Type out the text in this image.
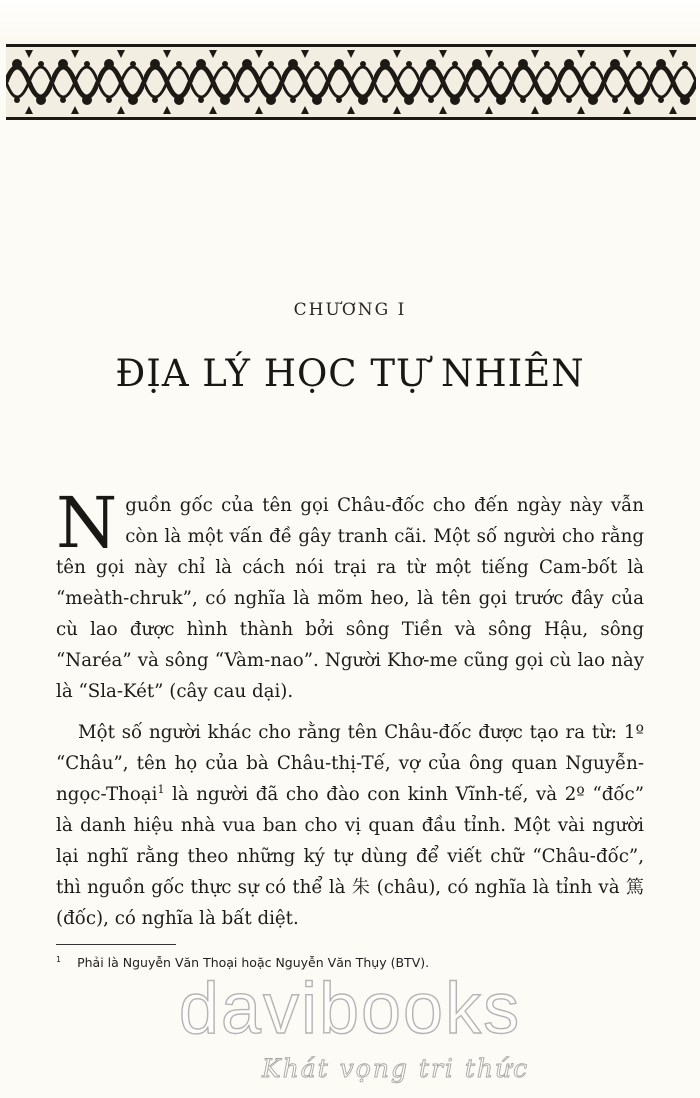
CHƯƠNG I
ĐỊA LÝ HỌC TỰ NHIÊN

Nguồn gốc của tên gọi Châu-đốc cho đến ngày này vẫn còn là một vấn đề gây tranh cãi. Một số người cho rằng tên gọi này chỉ là cách nói trại ra từ một tiếng Cam-bốt là “meàth-chruk”, có nghĩa là mõm heo, là tên gọi trước đây của cù lao được hình thành bởi sông Tiền và sông Hậu, sông “Naréa” và sông “Vàm-nao”. Người Khơ-me cũng gọi cù lao này là “Sla-Két” (cây cau dại).

Một số người khác cho rằng tên Châu-đốc được tạo ra từ: 1º “Châu”, tên họ của bà Châu-thị-Tế, vợ của ông quan Nguyễn-ngọc-Thoại$^1$ là người đã cho đào con kinh Vĩnh-tế, và 2º “đốc” là danh hiệu nhà vua ban cho vị quan đầu tỉnh. Một vài người lại nghĩ rằng theo những ký tự dùng để viết chữ “Châu-đốc”, thì nguồn gốc thực sự có thể là 朱 (châu), có nghĩa là tỉnh và 篤 (đốc), có nghĩa là bất diệt.

$^1$ Phải là Nguyễn Văn Thoại hoặc Nguyễn Văn Thụy (BTV).
davibooks
Khát vọng tri thức
